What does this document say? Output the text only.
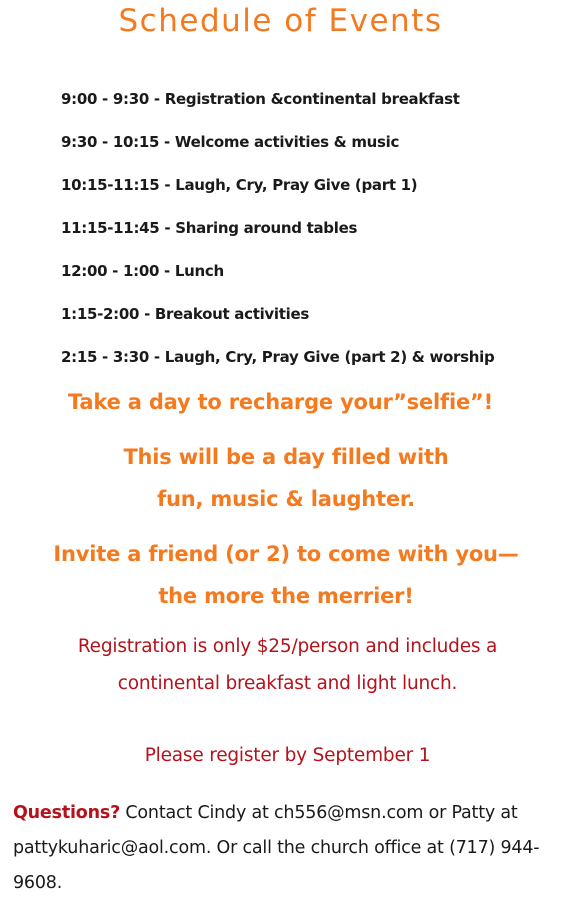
Schedule of Events
9:00 - 9:30 - Registration &continental breakfast
9:30 - 10:15 - Welcome activities & music
10:15-11:15 - Laugh, Cry, Pray Give (part 1)
11:15-11:45 - Sharing around tables
12:00 - 1:00 - Lunch
1:15-2:00 - Breakout activities
2:15 - 3:30 - Laugh, Cry, Pray Give (part 2) & worship
Take a day to recharge your”selfie”!
This will be a day filled with
fun, music & laughter.
Invite a friend (or 2) to come with you—
the more the merrier!
Registration is only $25/person and includes a
continental breakfast and light lunch.
Please register by September 1
Questions? Contact Cindy at ch556@msn.com or Patty at pattykuharic@aol.com. Or call the church office at (717) 944-9608.
